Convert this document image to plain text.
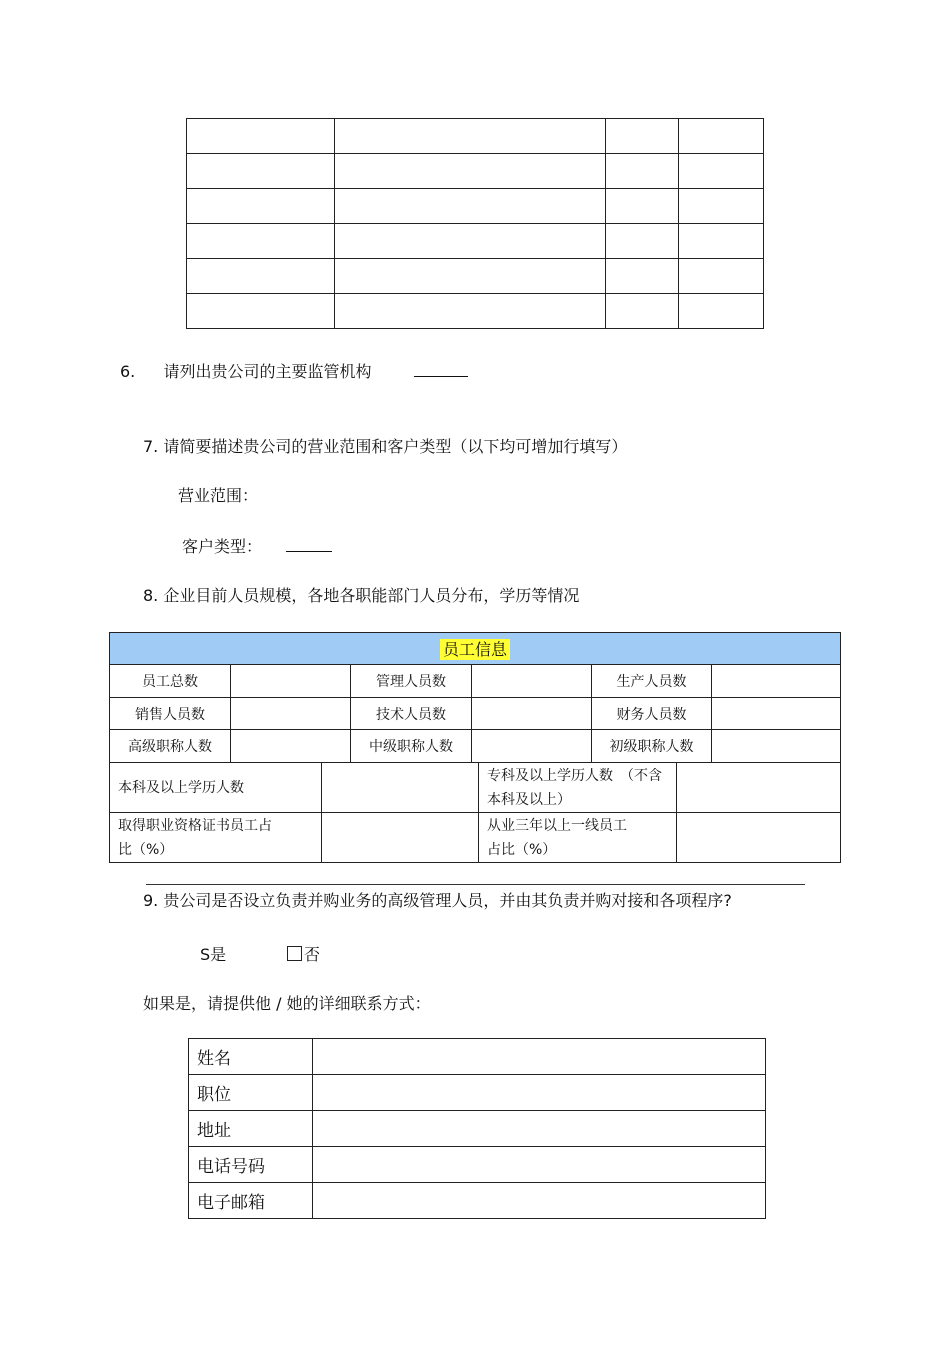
6. 请列出贵公司的主要监管机构
7. 请简要描述贵公司的营业范围和客户类型（以下均可增加行填写）
营业范围：
客户类型：
8. 企业目前人员规模，各地各职能部门人员分布，学历等情况
员工信息					
员工总数		管理人员数		生产人员数	
销售人员数		技术人员数		财务人员数	
高级职称人数		中级职称人数		初级职称人数	
本科及以上学历人数		专科及以上学历人数　（不含本科及以上）	
取得职业资格证书员工占比（%）		从业三年以上一线员工占比（%）	
9. 贵公司是否设立负责并购业务的高级管理人员，并由其负责并购对接和各项程序?
S是	否
如果是，请提供他 / 她的详细联系方式：
姓名	
职位	
地址	
电话号码	
电子邮箱	
